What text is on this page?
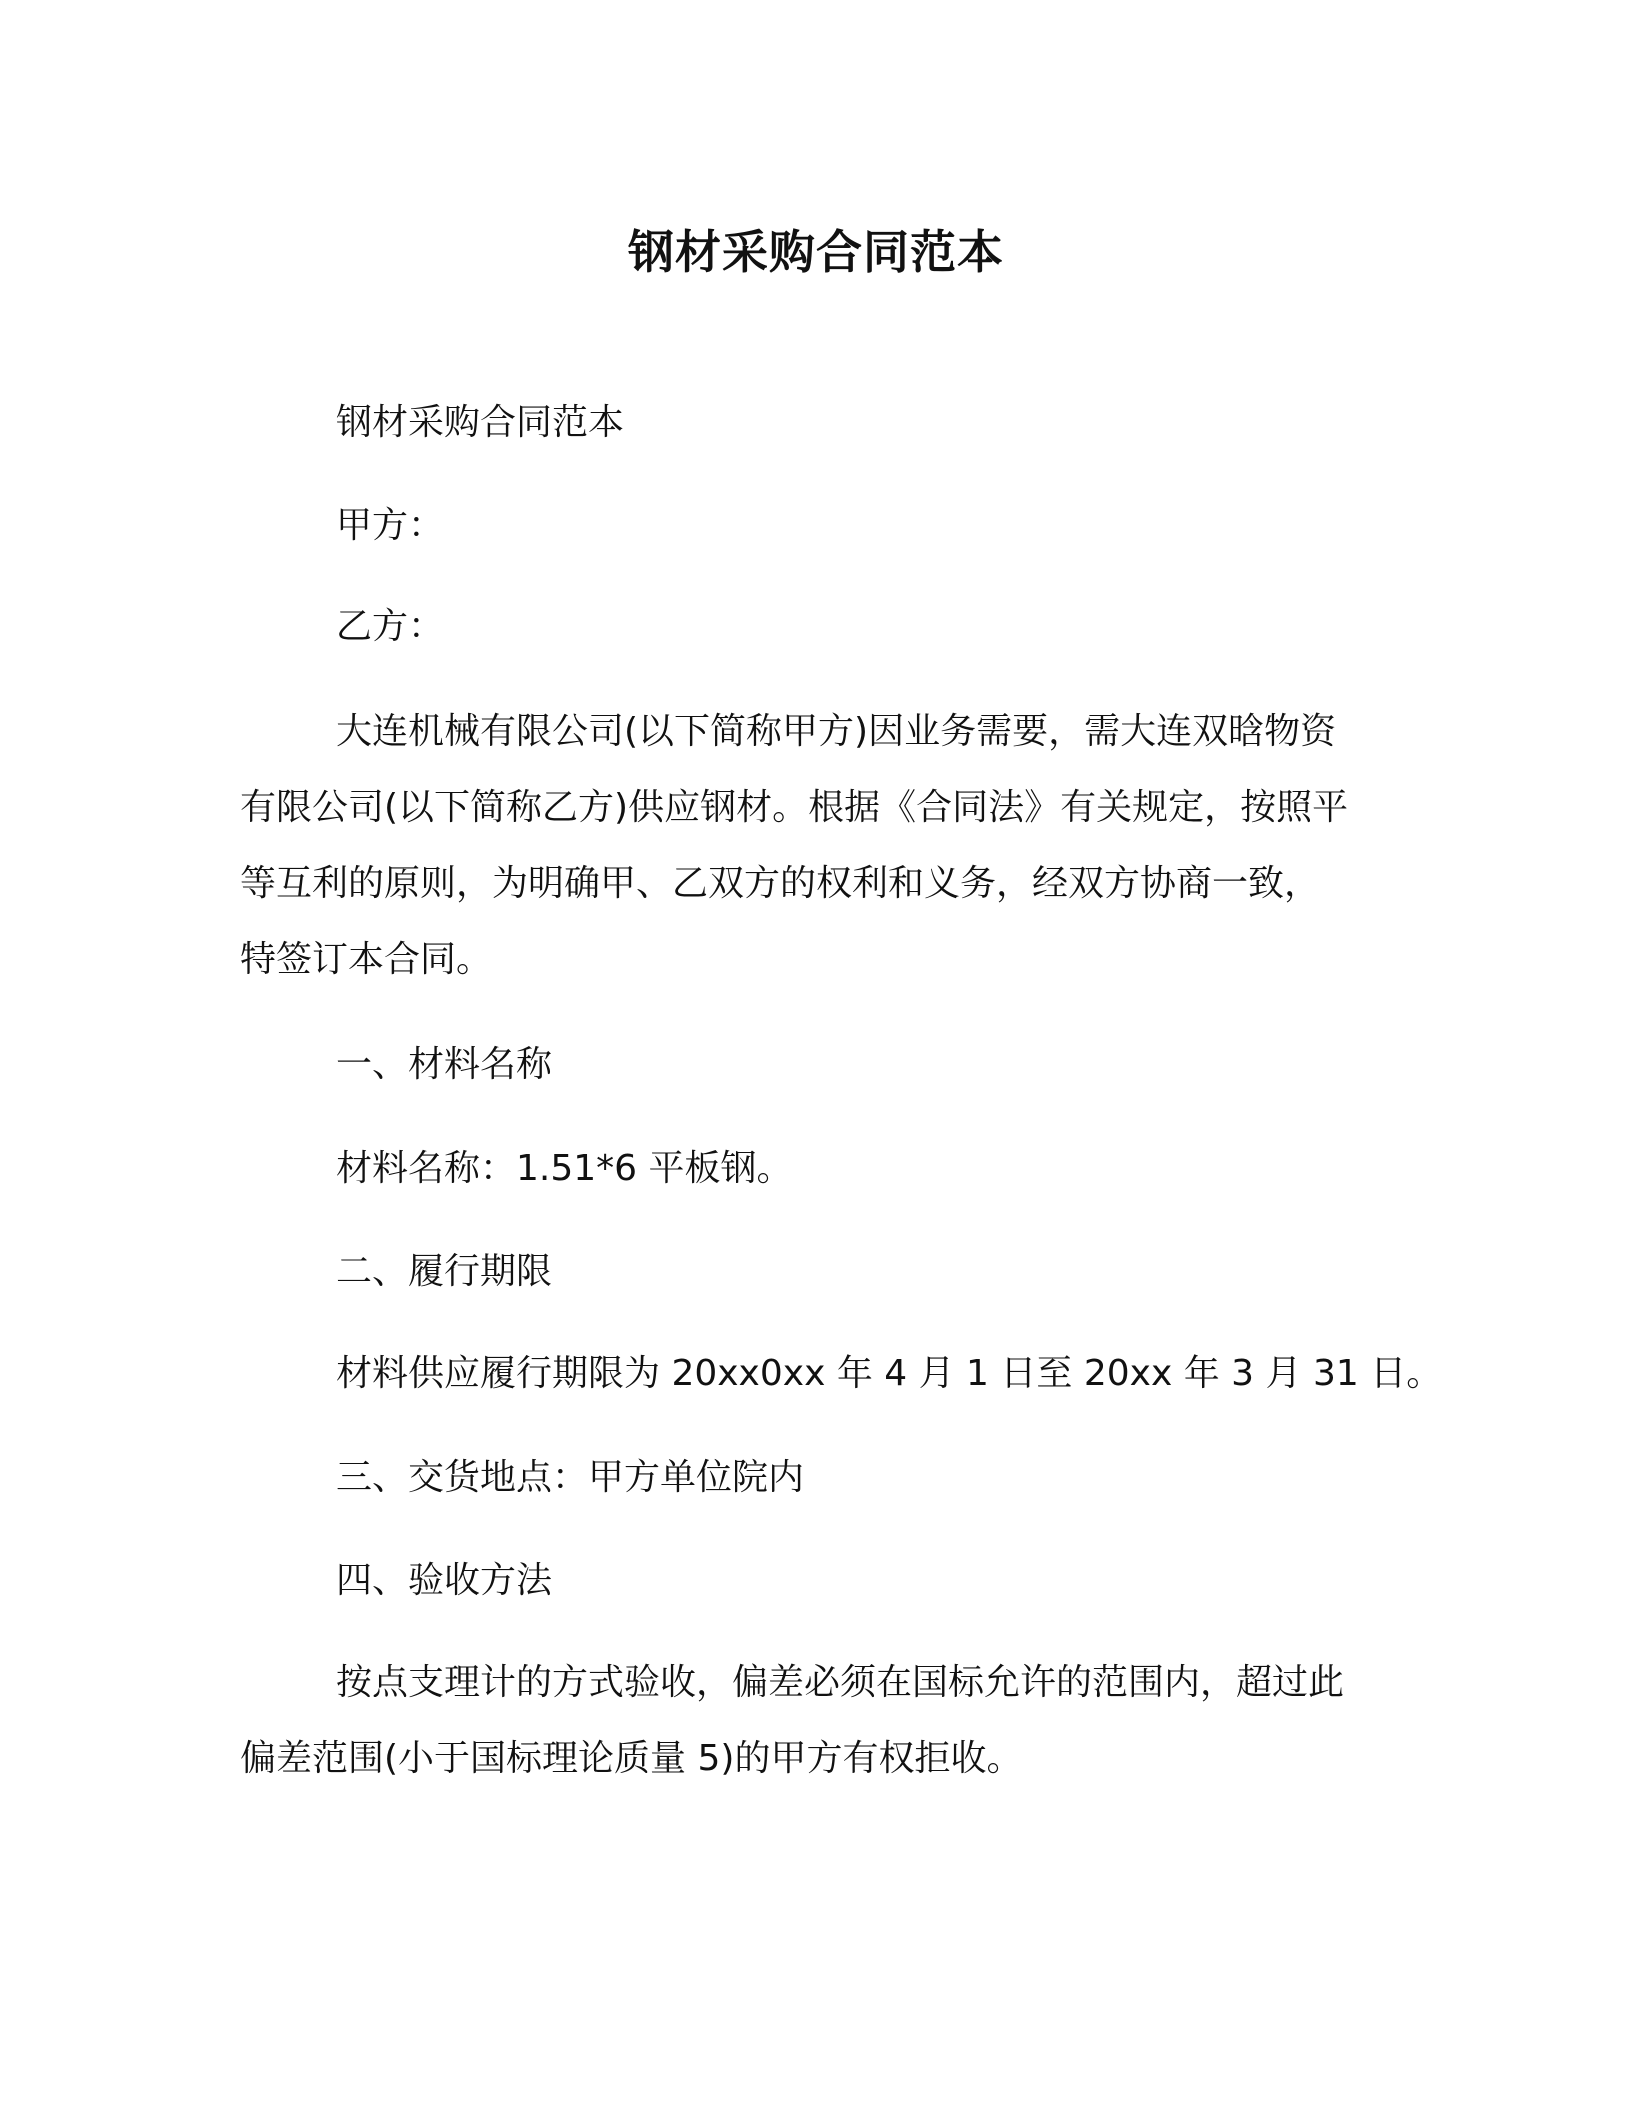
钢材采购合同范本

钢材采购合同范本

甲方：

乙方：

大连机械有限公司(以下简称甲方)因业务需要，需大连双晗物资
有限公司(以下简称乙方)供应钢材。根据《合同法》有关规定，按照平
等互利的原则，为明确甲、乙双方的权利和义务，经双方协商一致，
特签订本合同。

一、材料名称

材料名称：1.51*6 平板钢。

二、履行期限

材料供应履行期限为 20xx0xx 年 4 月 1 日至 20xx 年 3 月 31 日。

三、交货地点：甲方单位院内

四、验收方法

按点支理计的方式验收，偏差必须在国标允许的范围内，超过此
偏差范围(小于国标理论质量 5)的甲方有权拒收。
